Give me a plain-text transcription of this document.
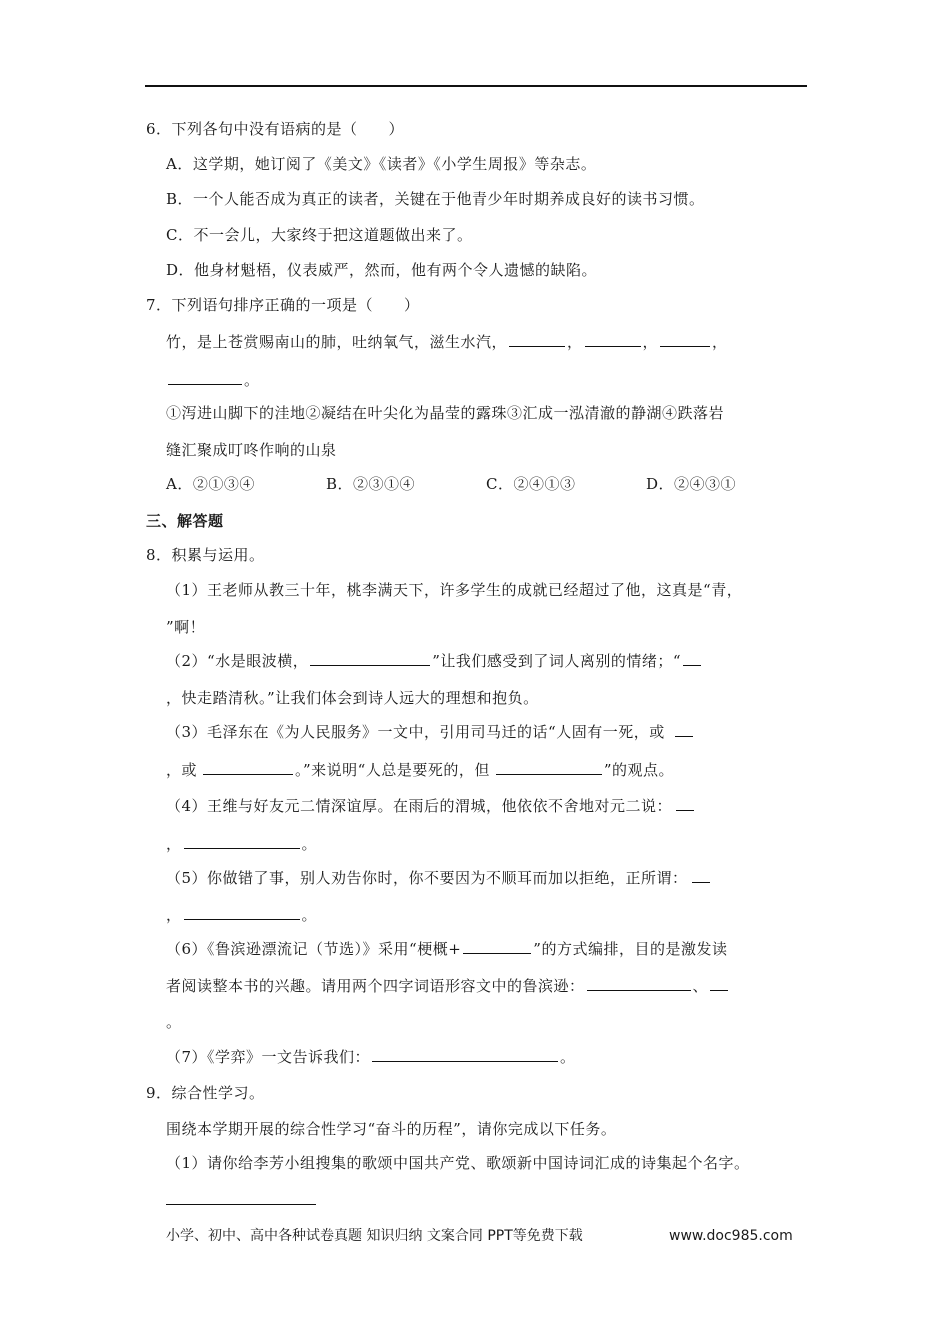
6．下列各句中没有语病的是（　　）
A．这学期，她订阅了《美文》《读者》《小学生周报》等杂志。
B．一个人能否成为真正的读者，关键在于他青少年时期养成良好的读书习惯。
C．不一会儿，大家终于把这道题做出来了。
D．他身材魁梧，仪表威严，然而，他有两个令人遗憾的缺陷。
7．下列语句排序正确的一项是（　　）
竹，是上苍赏赐南山的肺，吐纳氧气，滋生水汽，	，	，	，
。
①泻进山脚下的洼地②凝结在叶尖化为晶莹的露珠③汇成一泓清澈的静湖④跌落岩
缝汇聚成叮咚作响的山泉
A．②①③④	B．②③①④	C．②④①③	D．②④③①
三、解答题
8．积累与运用。
（1）王老师从教三十年，桃李满天下，许多学生的成就已经超过了他，这真是“青，
”啊！
（2）“水是眼波横，	”让我们感受到了词人离别的情绪；“
，快走踏清秋。”让我们体会到诗人远大的理想和抱负。
（3）毛泽东在《为人民服务》一文中，引用司马迁的话“人固有一死，或
，或	。”来说明“人总是要死的，但	”的观点。
（4）王维与好友元二情深谊厚。在雨后的渭城，他依依不舍地对元二说：
，	。
（5）你做错了事，别人劝告你时，你不要因为不顺耳而加以拒绝，正所谓：
，	。
（6）《鲁滨逊漂流记（节选）》采用“梗概+	”的方式编排，目的是激发读
者阅读整本书的兴趣。请用两个四字词语形容文中的鲁滨逊：	、
。
（7）《学弈》一文告诉我们：	。
9．综合性学习。
围绕本学期开展的综合性学习“奋斗的历程”，请你完成以下任务。
（1）请你给李芳小组搜集的歌颂中国共产党、歌颂新中国诗词汇成的诗集起个名字。
小学、初中、高中各种试卷真题 知识归纳 文案合同 PPT等免费下载	www.doc985.com
